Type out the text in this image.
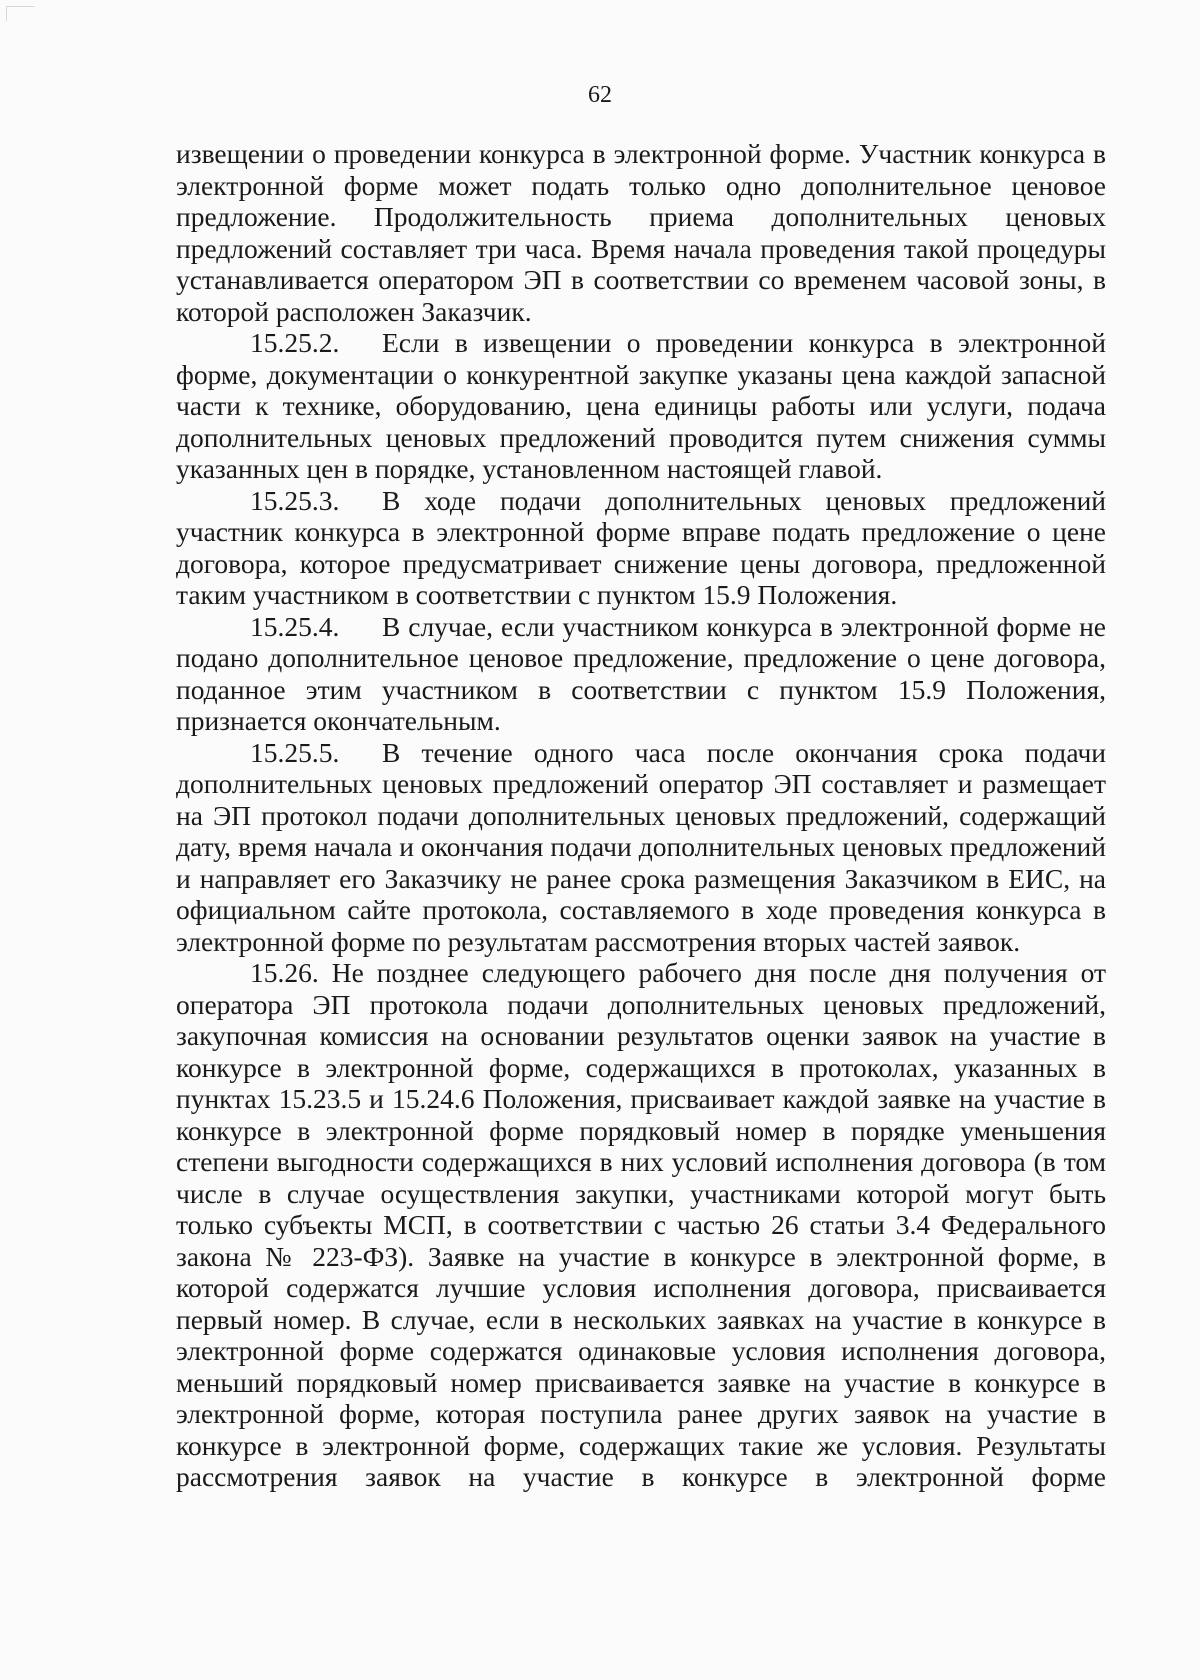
62

извещении о проведении конкурса в электронной форме. Участник конкурса в электронной форме может подать только одно дополнительное ценовое предложение. Продолжительность приема дополнительных ценовых предложений составляет три часа. Время начала проведения такой процедуры устанавливается оператором ЭП в соответствии со временем часовой зоны, в которой расположен Заказчик.

15.25.2. Если в извещении о проведении конкурса в электронной форме, документации о конкурентной закупке указаны цена каждой запасной части к технике, оборудованию, цена единицы работы или услуги, подача дополнительных ценовых предложений проводится путем снижения суммы указанных цен в порядке, установленном настоящей главой.

15.25.3. В ходе подачи дополнительных ценовых предложений участник конкурса в электронной форме вправе подать предложение о цене договора, которое предусматривает снижение цены договора, предложенной таким участником в соответствии с пунктом 15.9 Положения.

15.25.4. В случае, если участником конкурса в электронной форме не подано дополнительное ценовое предложение, предложение о цене договора, поданное этим участником в соответствии с пунктом 15.9 Положения, признается окончательным.

15.25.5. В течение одного часа после окончания срока подачи дополнительных ценовых предложений оператор ЭП составляет и размещает на ЭП протокол подачи дополнительных ценовых предложений, содержащий дату, время начала и окончания подачи дополнительных ценовых предложений и направляет его Заказчику не ранее срока размещения Заказчиком в ЕИС, на официальном сайте протокола, составляемого в ходе проведения конкурса в электронной форме по результатам рассмотрения вторых частей заявок.

15.26. Не позднее следующего рабочего дня после дня получения от оператора ЭП протокола подачи дополнительных ценовых предложений, закупочная комиссия на основании результатов оценки заявок на участие в конкурсе в электронной форме, содержащихся в протоколах, указанных в пунктах 15.23.5 и 15.24.6 Положения, присваивает каждой заявке на участие в конкурсе в электронной форме порядковый номер в порядке уменьшения степени выгодности содержащихся в них условий исполнения договора (в том числе в случае осуществления закупки, участниками которой могут быть только субъекты МСП, в соответствии с частью 26 статьи 3.4 Федерального закона № 223-ФЗ). Заявке на участие в конкурсе в электронной форме, в которой содержатся лучшие условия исполнения договора, присваивается первый номер. В случае, если в нескольких заявках на участие в конкурсе в электронной форме содержатся одинаковые условия исполнения договора, меньший порядковый номер присваивается заявке на участие в конкурсе в электронной форме, которая поступила ранее других заявок на участие в конкурсе в электронной форме, содержащих такие же условия. Результаты рассмотрения заявок на участие в конкурсе в электронной форме
